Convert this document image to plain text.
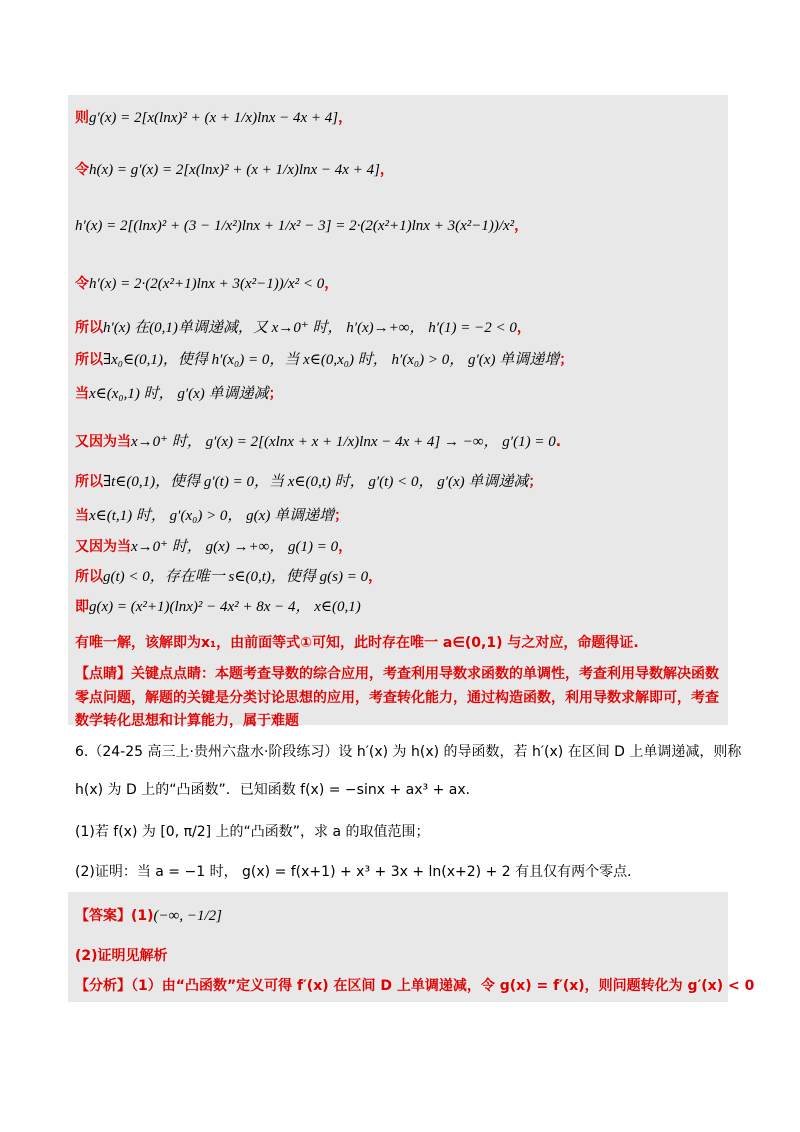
则g′(x) = 2[x(lnx)² + (x + 1/x)lnx − 4x + 4]，
令h(x) = g′(x) = 2[x(lnx)² + (x + 1/x)lnx − 4x + 4]，
h′(x) = 2[(lnx)² + (3 − 1/x²)lnx + 1/x² − 3] = 2·(2(x²+1)lnx + 3(x²−1))/x²，
令h′(x) = 2·(2(x²+1)lnx + 3(x²−1))/x² < 0，
所以h′(x) 在(0,1)单调递减，又 x→0⁺ 时， h′(x)→+∞， h′(1) = −2 < 0，
所以∃x₀∈(0,1)，使得 h′(x₀) = 0，当 x∈(0,x₀) 时， h′(x₀) > 0， g′(x) 单调递增；
当x∈(x₀,1) 时， g′(x) 单调递减；
又因为当x→0⁺ 时， g′(x) = 2[(xlnx + x + 1/x)lnx − 4x + 4] → −∞， g′(1) = 0.
所以∃t∈(0,1)，使得 g′(t) = 0，当 x∈(0,t) 时， g′(t) < 0， g′(x) 单调递减；
当x∈(t,1) 时， g′(x₀) > 0， g(x) 单调递增；
又因为当x→0⁺ 时， g(x) →+∞， g(1) = 0，
所以g(t) < 0，存在唯一 s∈(0,t)，使得 g(s) = 0，
即g(x) = (x²+1)(lnx)² − 4x² + 8x − 4， x∈(0,1)
有唯一解，该解即为x₁，由前面等式①可知，此时存在唯一 a∈(0,1) 与之对应，命题得证.
【点睛】关键点点睛：本题考查导数的综合应用，考查利用导数求函数的单调性，考查利用导数解决函数
零点问题，解题的关键是分类讨论思想的应用，考查转化能力，通过构造函数，利用导数求解即可，考查
数学转化思想和计算能力，属于难题
6.（24-25 高三上·贵州六盘水·阶段练习）设 h′(x) 为 h(x) 的导函数，若 h′(x) 在区间 D 上单调递减，则称
h(x) 为 D 上的“凸函数”．已知函数 f(x) = −sinx + ax³ + ax．
(1)若 f(x) 为 [0, π/2] 上的“凸函数”，求 a 的取值范围；
(2)证明：当 a = −1 时， g(x) = f(x+1) + x³ + 3x + ln(x+2) + 2 有且仅有两个零点．
【答案】(1)(−∞, −1/2]
(2)证明见解析
【分析】（1）由“凸函数”定义可得 f′(x) 在区间 D 上单调递减，令 g(x) = f′(x)，则问题转化为 g′(x) < 0
